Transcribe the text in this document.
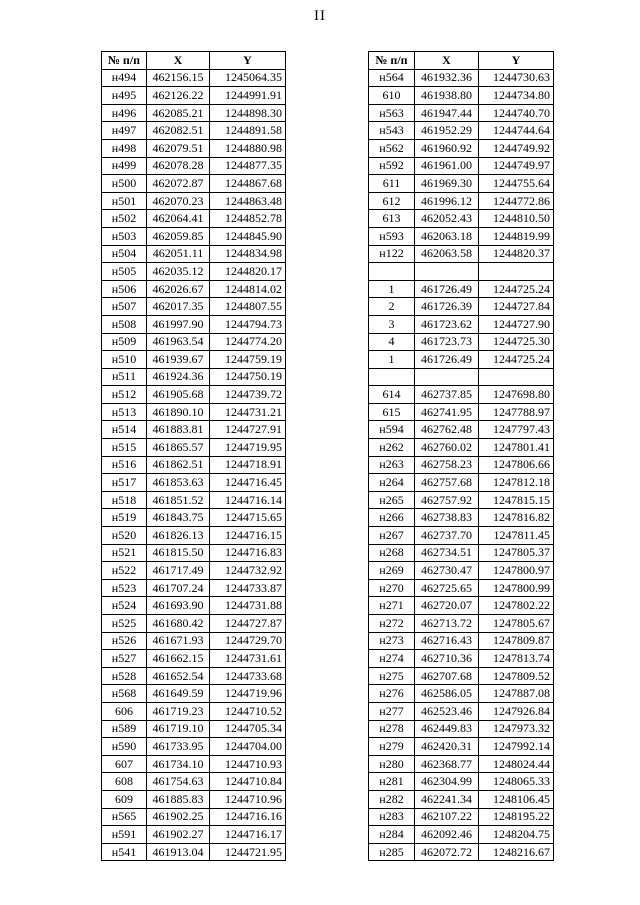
II
№ п/п	X	Y
н494	462156.15	1245064.35
н495	462126.22	1244991.91
н496	462085.21	1244898.30
н497	462082.51	1244891.58
н498	462079.51	1244880.98
н499	462078.28	1244877.35
н500	462072.87	1244867.68
н501	462070.23	1244863.48
н502	462064.41	1244852.78
н503	462059.85	1244845.90
н504	462051.11	1244834.98
н505	462035.12	1244820.17
н506	462026.67	1244814.02
н507	462017.35	1244807.55
н508	461997.90	1244794.73
н509	461963.54	1244774.20
н510	461939.67	1244759.19
н511	461924.36	1244750.19
н512	461905.68	1244739.72
н513	461890.10	1244731.21
н514	461883.81	1244727.91
н515	461865.57	1244719.95
н516	461862.51	1244718.91
н517	461853.63	1244716.45
н518	461851.52	1244716.14
н519	461843.75	1244715.65
н520	461826.13	1244716.15
н521	461815.50	1244716.83
н522	461717.49	1244732.92
н523	461707.24	1244733.87
н524	461693.90	1244731.88
н525	461680.42	1244727.87
н526	461671.93	1244729.70
н527	461662.15	1244731.61
н528	461652.54	1244733.68
н568	461649.59	1244719.96
606	461719.23	1244710.52
н589	461719.10	1244705.34
н590	461733.95	1244704.00
607	461734.10	1244710.93
608	461754.63	1244710.84
609	461885.83	1244710.96
н565	461902.25	1244716.16
н591	461902.27	1244716.17
н541	461913.04	1244721.95
№ п/п	X	Y
н564	461932.36	1244730.63
610	461938.80	1244734.80
н563	461947.44	1244740.70
н543	461952.29	1244744.64
н562	461960.92	1244749.92
н592	461961.00	1244749.97
611	461969.30	1244755.64
612	461996.12	1244772.86
613	462052.43	1244810.50
н593	462063.18	1244819.99
н122	462063.58	1244820.37

1	461726.49	1244725.24
2	461726.39	1244727.84
3	461723.62	1244727.90
4	461723.73	1244725.30
1	461726.49	1244725.24

614	462737.85	1247698.80
615	462741.95	1247788.97
н594	462762.48	1247797.43
н262	462760.02	1247801.41
н263	462758.23	1247806.66
н264	462757.68	1247812.18
н265	462757.92	1247815.15
н266	462738.83	1247816.82
н267	462737.70	1247811.45
н268	462734.51	1247805.37
н269	462730.47	1247800.97
н270	462725.65	1247800.99
н271	462720.07	1247802.22
н272	462713.72	1247805.67
н273	462716.43	1247809.87
н274	462710.36	1247813.74
н275	462707.68	1247809.52
н276	462586.05	1247887.08
н277	462523.46	1247926.84
н278	462449.83	1247973.32
н279	462420.31	1247992.14
н280	462368.77	1248024.44
н281	462304.99	1248065.33
н282	462241.34	1248106.45
н283	462107.22	1248195.22
н284	462092.46	1248204.75
н285	462072.72	1248216.67
